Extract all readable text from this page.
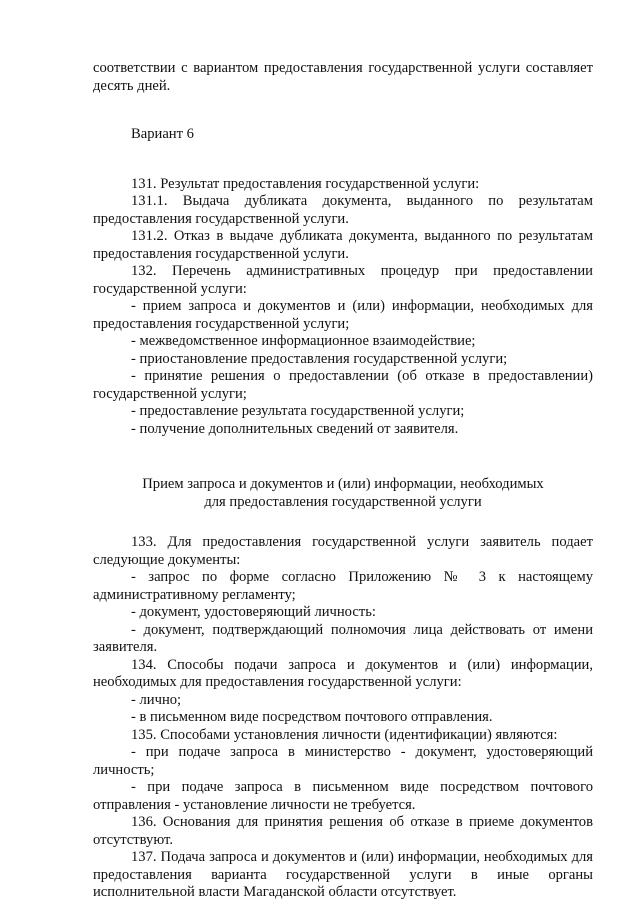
соответствии с вариантом предоставления государственной услуги составляет десять дней.

Вариант 6

131. Результат предоставления государственной услуги:

131.1. Выдача дубликата документа, выданного по результатам предоставления государственной услуги.

131.2. Отказ в выдаче дубликата документа, выданного по результатам предоставления государственной услуги.

132. Перечень административных процедур при предоставлении государственной услуги:

- прием запроса и документов и (или) информации, необходимых для предоставления государственной услуги;

- межведомственное информационное взаимодействие;

- приостановление предоставления государственной услуги;

- принятие решения о предоставлении (об отказе в предоставлении) государственной услуги;

- предоставление результата государственной услуги;

- получение дополнительных сведений от заявителя.

Прием запроса и документов и (или) информации, необходимых

для предоставления государственной услуги

133. Для предоставления государственной услуги заявитель подает следующие документы:

- запрос по форме согласно Приложению № 3 к настоящему административному регламенту;

- документ, удостоверяющий личность:

- документ, подтверждающий полномочия лица действовать от имени заявителя.

134. Способы подачи запроса и документов и (или) информации, необходимых для предоставления государственной услуги:

- лично;

- в письменном виде посредством почтового отправления.

135. Способами установления личности (идентификации) являются:

- при подаче запроса в министерство - документ, удостоверяющий личность;

- при подаче запроса в письменном виде посредством почтового отправления - установление личности не требуется.

136. Основания для принятия решения об отказе в приеме документов отсутствуют.

137. Подача запроса и документов и (или) информации, необходимых для предоставления варианта государственной услуги в иные органы исполнительной власти Магаданской области отсутствует.
